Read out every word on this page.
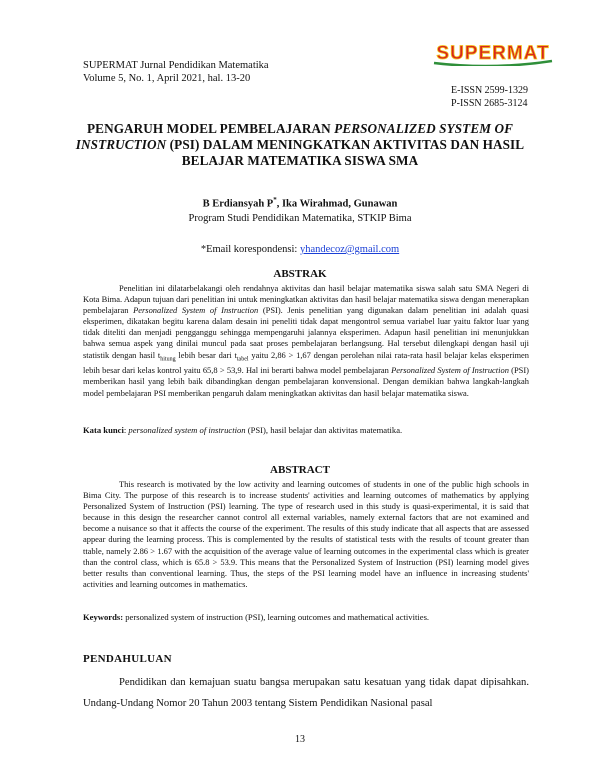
SUPERMAT Jurnal Pendidikan Matematika
Volume 5, No. 1, April 2021, hal. 13-20
SUPERMAT
E-ISSN 2599-1329
P-ISSN 2685-3124
PENGARUH MODEL PEMBELAJARAN PERSONALIZED SYSTEM OF INSTRUCTION (PSI) DALAM MENINGKATKAN AKTIVITAS DAN HASIL BELAJAR MATEMATIKA SISWA SMA
B Erdiansyah P*, Ika Wirahmad, Gunawan
Program Studi Pendidikan Matematika, STKIP Bima
*Email korespondensi: yhandecoz@gmail.com
ABSTRAK

Penelitian ini dilatarbelakangi oleh rendahnya aktivitas dan hasil belajar matematika siswa salah satu SMA Negeri di Kota Bima. Adapun tujuan dari penelitian ini untuk meningkatkan aktivitas dan hasil belajar matematika siswa dengan menerapkan pembelajaran Personalized System of Instruction (PSI). Jenis penelitian yang digunakan dalam penelitian ini adalah quasi eksperimen, dikatakan begitu karena dalam desain ini peneliti tidak dapat mengontrol semua variabel luar yaitu faktor luar yang tidak diteliti dan menjadi pengganggu sehingga mempengaruhi jalannya eksperimen. Adapun hasil penelitian ini menunjukkan bahwa semua aspek yang dinilai muncul pada saat proses pembelajaran berlangsung. Hal tersebut dilengkapi dengan hasil uji statistik dengan hasil $t_{hitung}$ lebih besar dari $t_{tabel}$ yaitu 2,86 > 1,67 dengan perolehan nilai rata-rata hasil belajar kelas eksperimen lebih besar dari kelas kontrol yaitu 65,8 > 53,9. Hal ini berarti bahwa model pembelajaran Personalized System of Instruction (PSI) memberikan hasil yang lebih baik dibandingkan dengan pembelajaran konvensional. Dengan demikian bahwa langkah-langkah model pembelajaran PSI memberikan pengaruh dalam meningkatkan aktivitas dan hasil belajar matematika siswa.

Kata kunci: personalized system of instruction (PSI), hasil belajar dan aktivitas matematika.
ABSTRACT

This research is motivated by the low activity and learning outcomes of students in one of the public high schools in Bima City. The purpose of this research is to increase students' activities and learning outcomes of mathematics by applying Personalized System of Instruction (PSI) learning. The type of research used in this study is quasi-experimental, it is said that because in this design the researcher cannot control all external variables, namely external factors that are not examined and become a nuisance so that it affects the course of the experiment. The results of this study indicate that all aspects that are assessed appear during the learning process. This is complemented by the results of statistical tests with the results of tcount greater than ttable, namely 2.86 > 1.67 with the acquisition of the average value of learning outcomes in the experimental class which is greater than the control class, which is 65.8 > 53.9. This means that the Personalized System of Instruction (PSI) learning model gives better results than conventional learning. Thus, the steps of the PSI learning model have an influence in increasing students' activities and learning outcomes in mathematics.

Keywords: personalized system of instruction (PSI), learning outcomes and mathematical activities.
PENDAHULUAN

Pendidikan dan kemajuan suatu bangsa merupakan satu kesatuan yang tidak dapat dipisahkan. Undang-Undang Nomor 20 Tahun 2003 tentang Sistem Pendidikan Nasional pasal

13
